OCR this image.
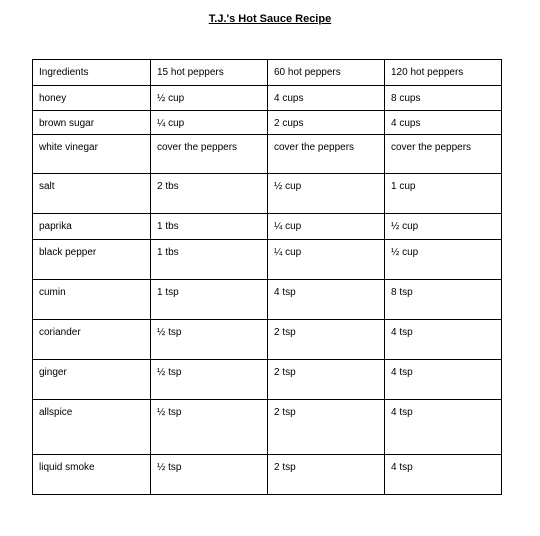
T.J.'s Hot Sauce Recipe
Ingredients	15 hot peppers	60 hot peppers	120 hot peppers
honey	½ cup	4 cups	8 cups
brown sugar	¼ cup	2 cups	4 cups
white vinegar	cover the peppers	cover the peppers	cover the peppers
salt	2 tbs	½ cup	1 cup
paprika	1 tbs	¼ cup	½ cup
black pepper	1 tbs	¼ cup	½ cup
cumin	1 tsp	4 tsp	8 tsp
coriander	½ tsp	2 tsp	4 tsp
ginger	½ tsp	2 tsp	4 tsp
allspice	½ tsp	2 tsp	4 tsp
liquid smoke	½ tsp	2 tsp	4 tsp
